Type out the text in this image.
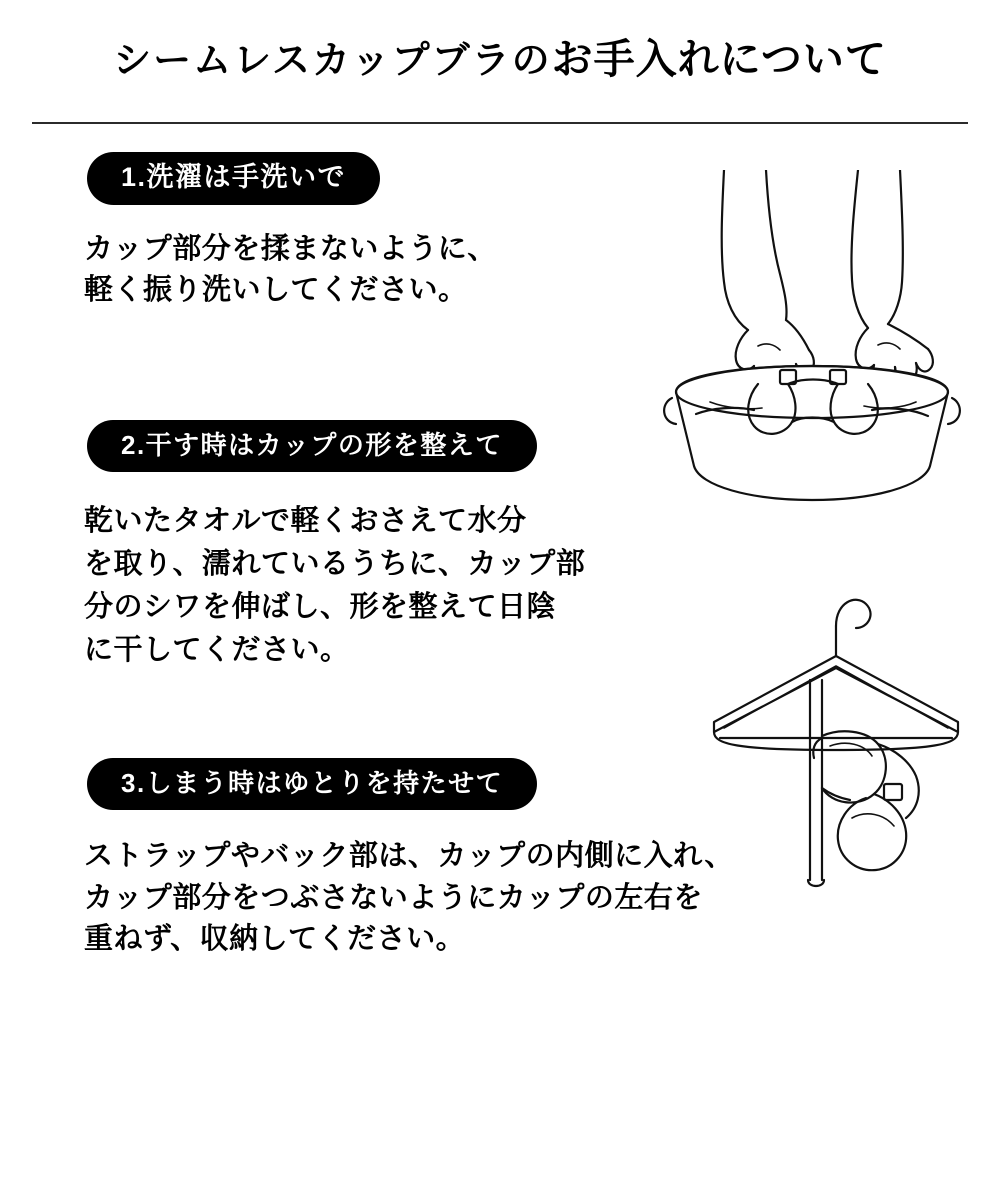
シームレスカップブラのお手入れについて
1.洗濯は手洗いで
カップ部分を揉まないように、
軽く振り洗いしてください。
2.干す時はカップの形を整えて
乾いたタオルで軽くおさえて水分
を取り、濡れているうちに、カップ部
分のシワを伸ばし、形を整えて日陰
に干してください。
3.しまう時はゆとりを持たせて
ストラップやバック部は、カップの内側に入れ、
カップ部分をつぶさないようにカップの左右を
重ねず、収納してください。
